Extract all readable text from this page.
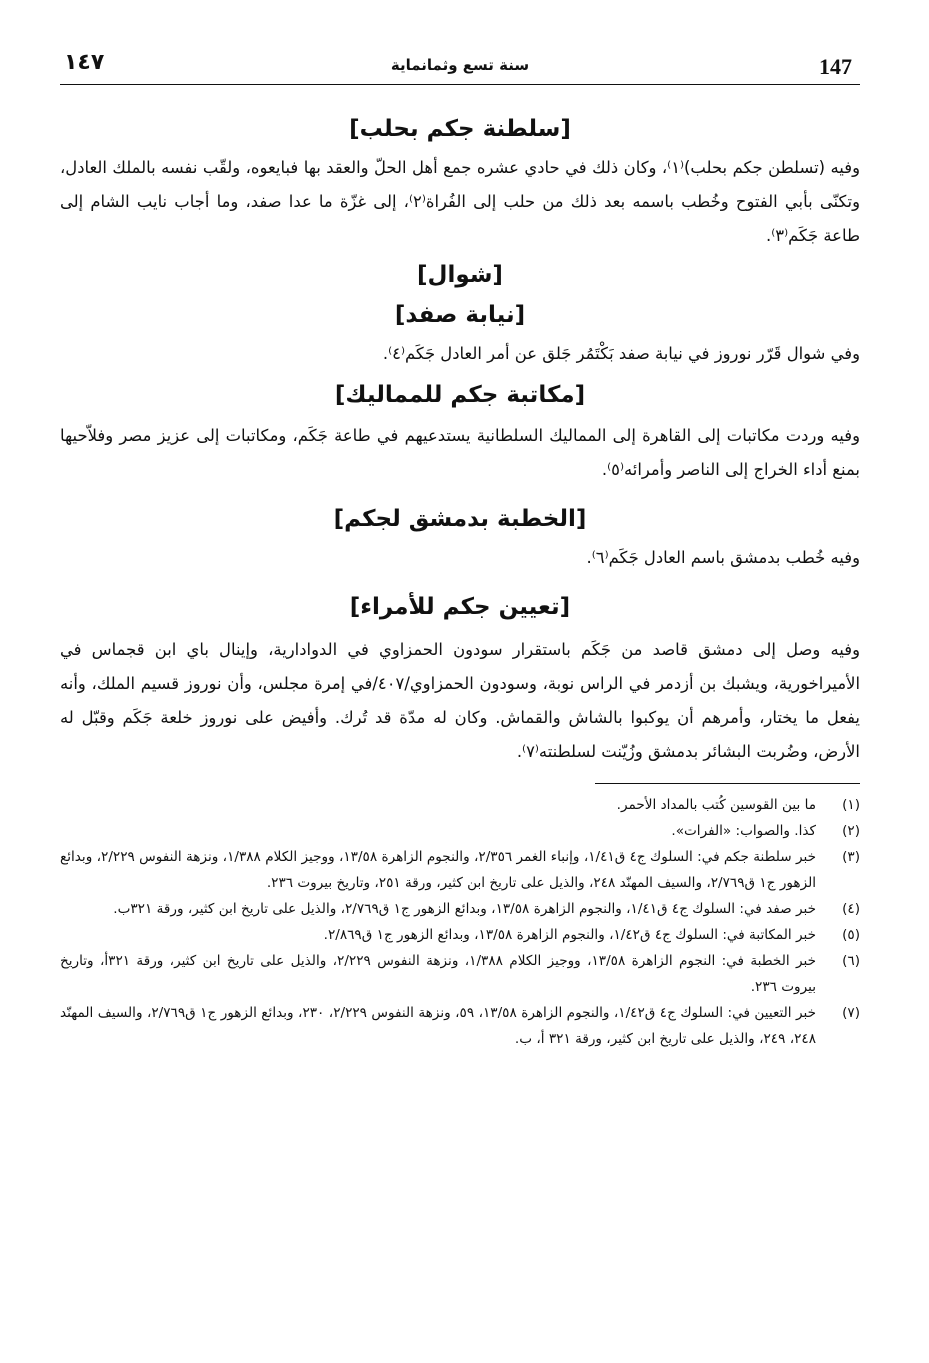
147
سنة تسع وثمانماية
١٤٧
[سلطنة جكم بحلب]

وفيه (تسلطن جكم بحلب)⁽١⁾، وكان ذلك في حادي عشره جمع أهل الحلّ والعقد بها فبايعوه، ولقّب نفسه بالملك العادل، وتكنّى بأبي الفتوح وخُطب باسمه بعد ذلك من حلب إلى الفُراة⁽٢⁾، إلى غزّة ما عدا صفد، وما أجاب نايب الشام إلى طاعة جَكَم⁽٣⁾.

[شوال]
[نيابة صفد]

وفي شوال قَرّر نوروز في نيابة صفد بَكْتَمُر جَلق عن أمر العادل جَكَم⁽٤⁾.

[مكاتبة جكم للمماليك]

وفيه وردت مكاتبات إلى القاهرة إلى المماليك السلطانية يستدعيهم في طاعة جَكَم، ومكاتبات إلى عزيز مصر وفلاّحيها بمنع أداء الخراج إلى الناصر وأمرائه⁽٥⁾.

[الخطبة بدمشق لجكم]

وفيه خُطب بدمشق باسم العادل جَكَم⁽٦⁾.

[تعيين جكم للأمراء]

وفيه وصل إلى دمشق قاصد من جَكَم باستقرار سودون الحمزاوي في الدوادارية، وإينال باي ابن قجماس في الأميراخورية، ويشبك بن أزدمر في الراس نوبة، وسودون الحمزاوي/٤٠٧/في إمرة مجلس، وأن نوروز قسيم الملك، وأنه يفعل ما يختار، وأمرهم أن يوكبوا بالشاش والقماش. وكان له مدّة قد تُرك. وأفيض على نوروز خلعة جَكَم وقبّل له الأرض، وضُربت البشائر بدمشق وزُيّنت لسلطنته⁽٧⁾.

(١)
ما بين القوسين كُتب بالمداد الأحمر.
(٢)
كذا. والصواب: «الفرات».
(٣)
خبر سلطنة جكم في: السلوك ج٤ ق١/٤١، وإنباء الغمر ٢/٣٥٦، والنجوم الزاهرة ١٣/٥٨، ووجيز الكلام ١/٣٨٨، ونزهة النفوس ٢/٢٢٩، وبدائع الزهور ج١ ق٢/٧٦٩، والسيف المهنّد ٢٤٨، والذيل على تاريخ ابن كثير، ورقة ٢٥١، وتاريخ بيروت ٢٣٦.
(٤)
خبر صفد في: السلوك ج٤ ق١/٤١، والنجوم الزاهرة ١٣/٥٨، وبدائع الزهور ج١ ق٢/٧٦٩، والذيل على تاريخ ابن كثير، ورقة ٣٢١ب.
(٥)
خبر المكاتبة في: السلوك ج٤ ق١/٤٢، والنجوم الزاهرة ١٣/٥٨، وبدائع الزهور ج١ ق٢/٨٦٩.
(٦)
خبر الخطبة في: النجوم الزاهرة ١٣/٥٨، ووجيز الكلام ١/٣٨٨، ونزهة النفوس ٢/٢٢٩، والذيل على تاريخ ابن كثير، ورقة ٣٢١أ، وتاريخ بيروت ٢٣٦.
(٧)
خبر التعيين في: السلوك ج٤ ق١/٤٢، والنجوم الزاهرة ١٣/٥٨، ٥٩، ونزهة النفوس ٢/٢٢٩، ٢٣٠، وبدائع الزهور ج١ ق٢/٧٦٩، والسيف المهنّد ٢٤٨، ٢٤٩، والذيل على تاريخ ابن كثير، ورقة ٣٢١ أ، ب.
